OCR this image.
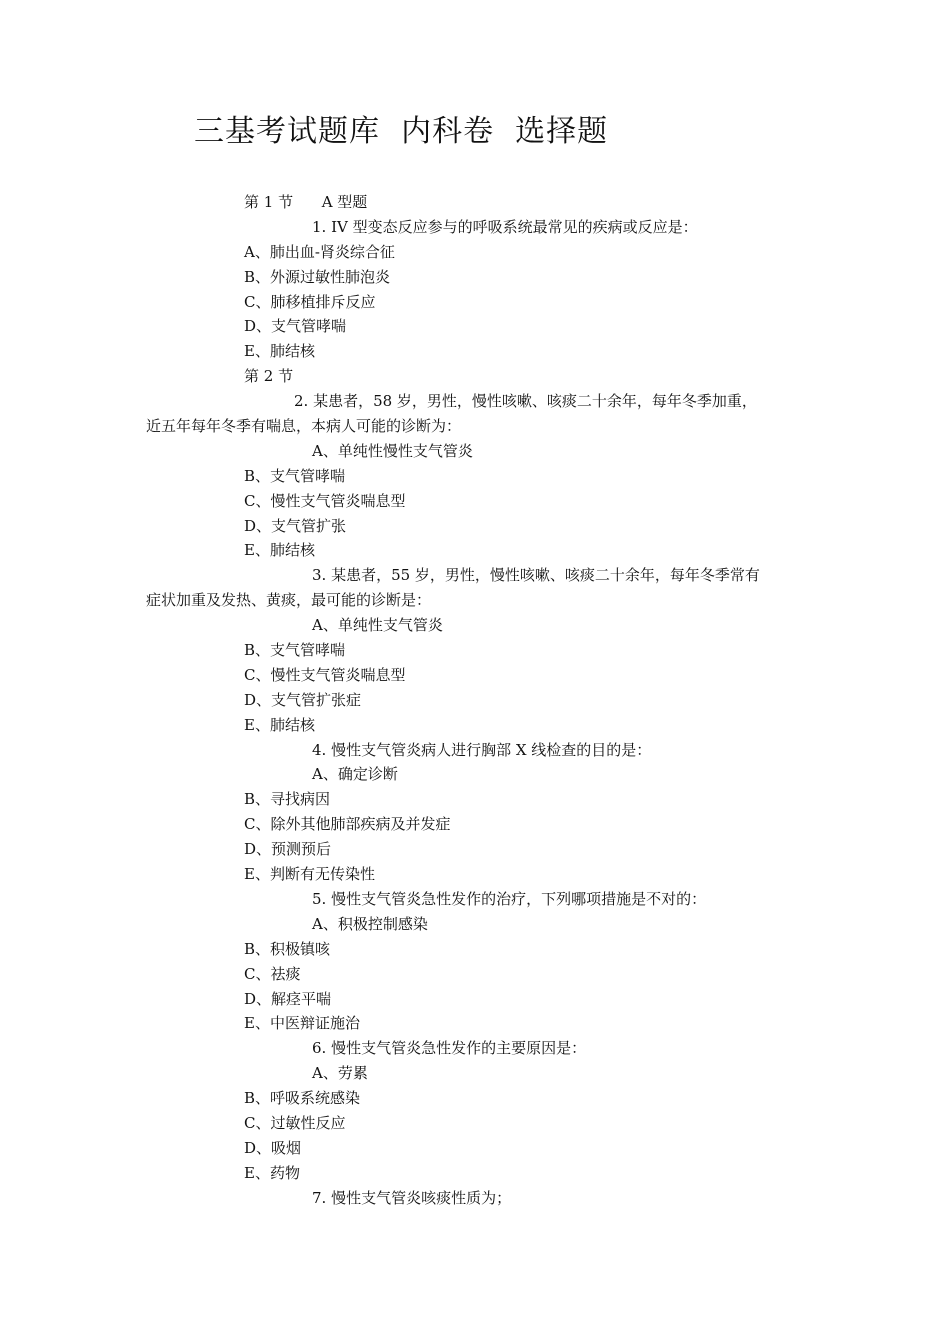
三基考试题库  内科卷  选择题
第 1 节      A 型题
1. IV 型变态反应参与的呼吸系统最常见的疾病或反应是：
A、肺出血-肾炎综合征
B、外源过敏性肺泡炎
C、肺移植排斥反应
D、支气管哮喘
E、肺结核
第 2 节
2. 某患者，58 岁，男性，慢性咳嗽、咳痰二十余年，每年冬季加重，
近五年每年冬季有喘息，本病人可能的诊断为：
A、单纯性慢性支气管炎
B、支气管哮喘
C、慢性支气管炎喘息型
D、支气管扩张
E、肺结核
3. 某患者，55 岁，男性，慢性咳嗽、咳痰二十余年，每年冬季常有
症状加重及发热、黄痰，最可能的诊断是：
A、单纯性支气管炎
B、支气管哮喘
C、慢性支气管炎喘息型
D、支气管扩张症
E、肺结核
4. 慢性支气管炎病人进行胸部 X 线检查的目的是：
A、确定诊断
B、寻找病因
C、除外其他肺部疾病及并发症
D、预测预后
E、判断有无传染性
5. 慢性支气管炎急性发作的治疗，下列哪项措施是不对的：
A、积极控制感染
B、积极镇咳
C、祛痰
D、解痉平喘
E、中医辩证施治
6. 慢性支气管炎急性发作的主要原因是：
A、劳累
B、呼吸系统感染
C、过敏性反应
D、吸烟
E、药物
7. 慢性支气管炎咳痰性质为；
